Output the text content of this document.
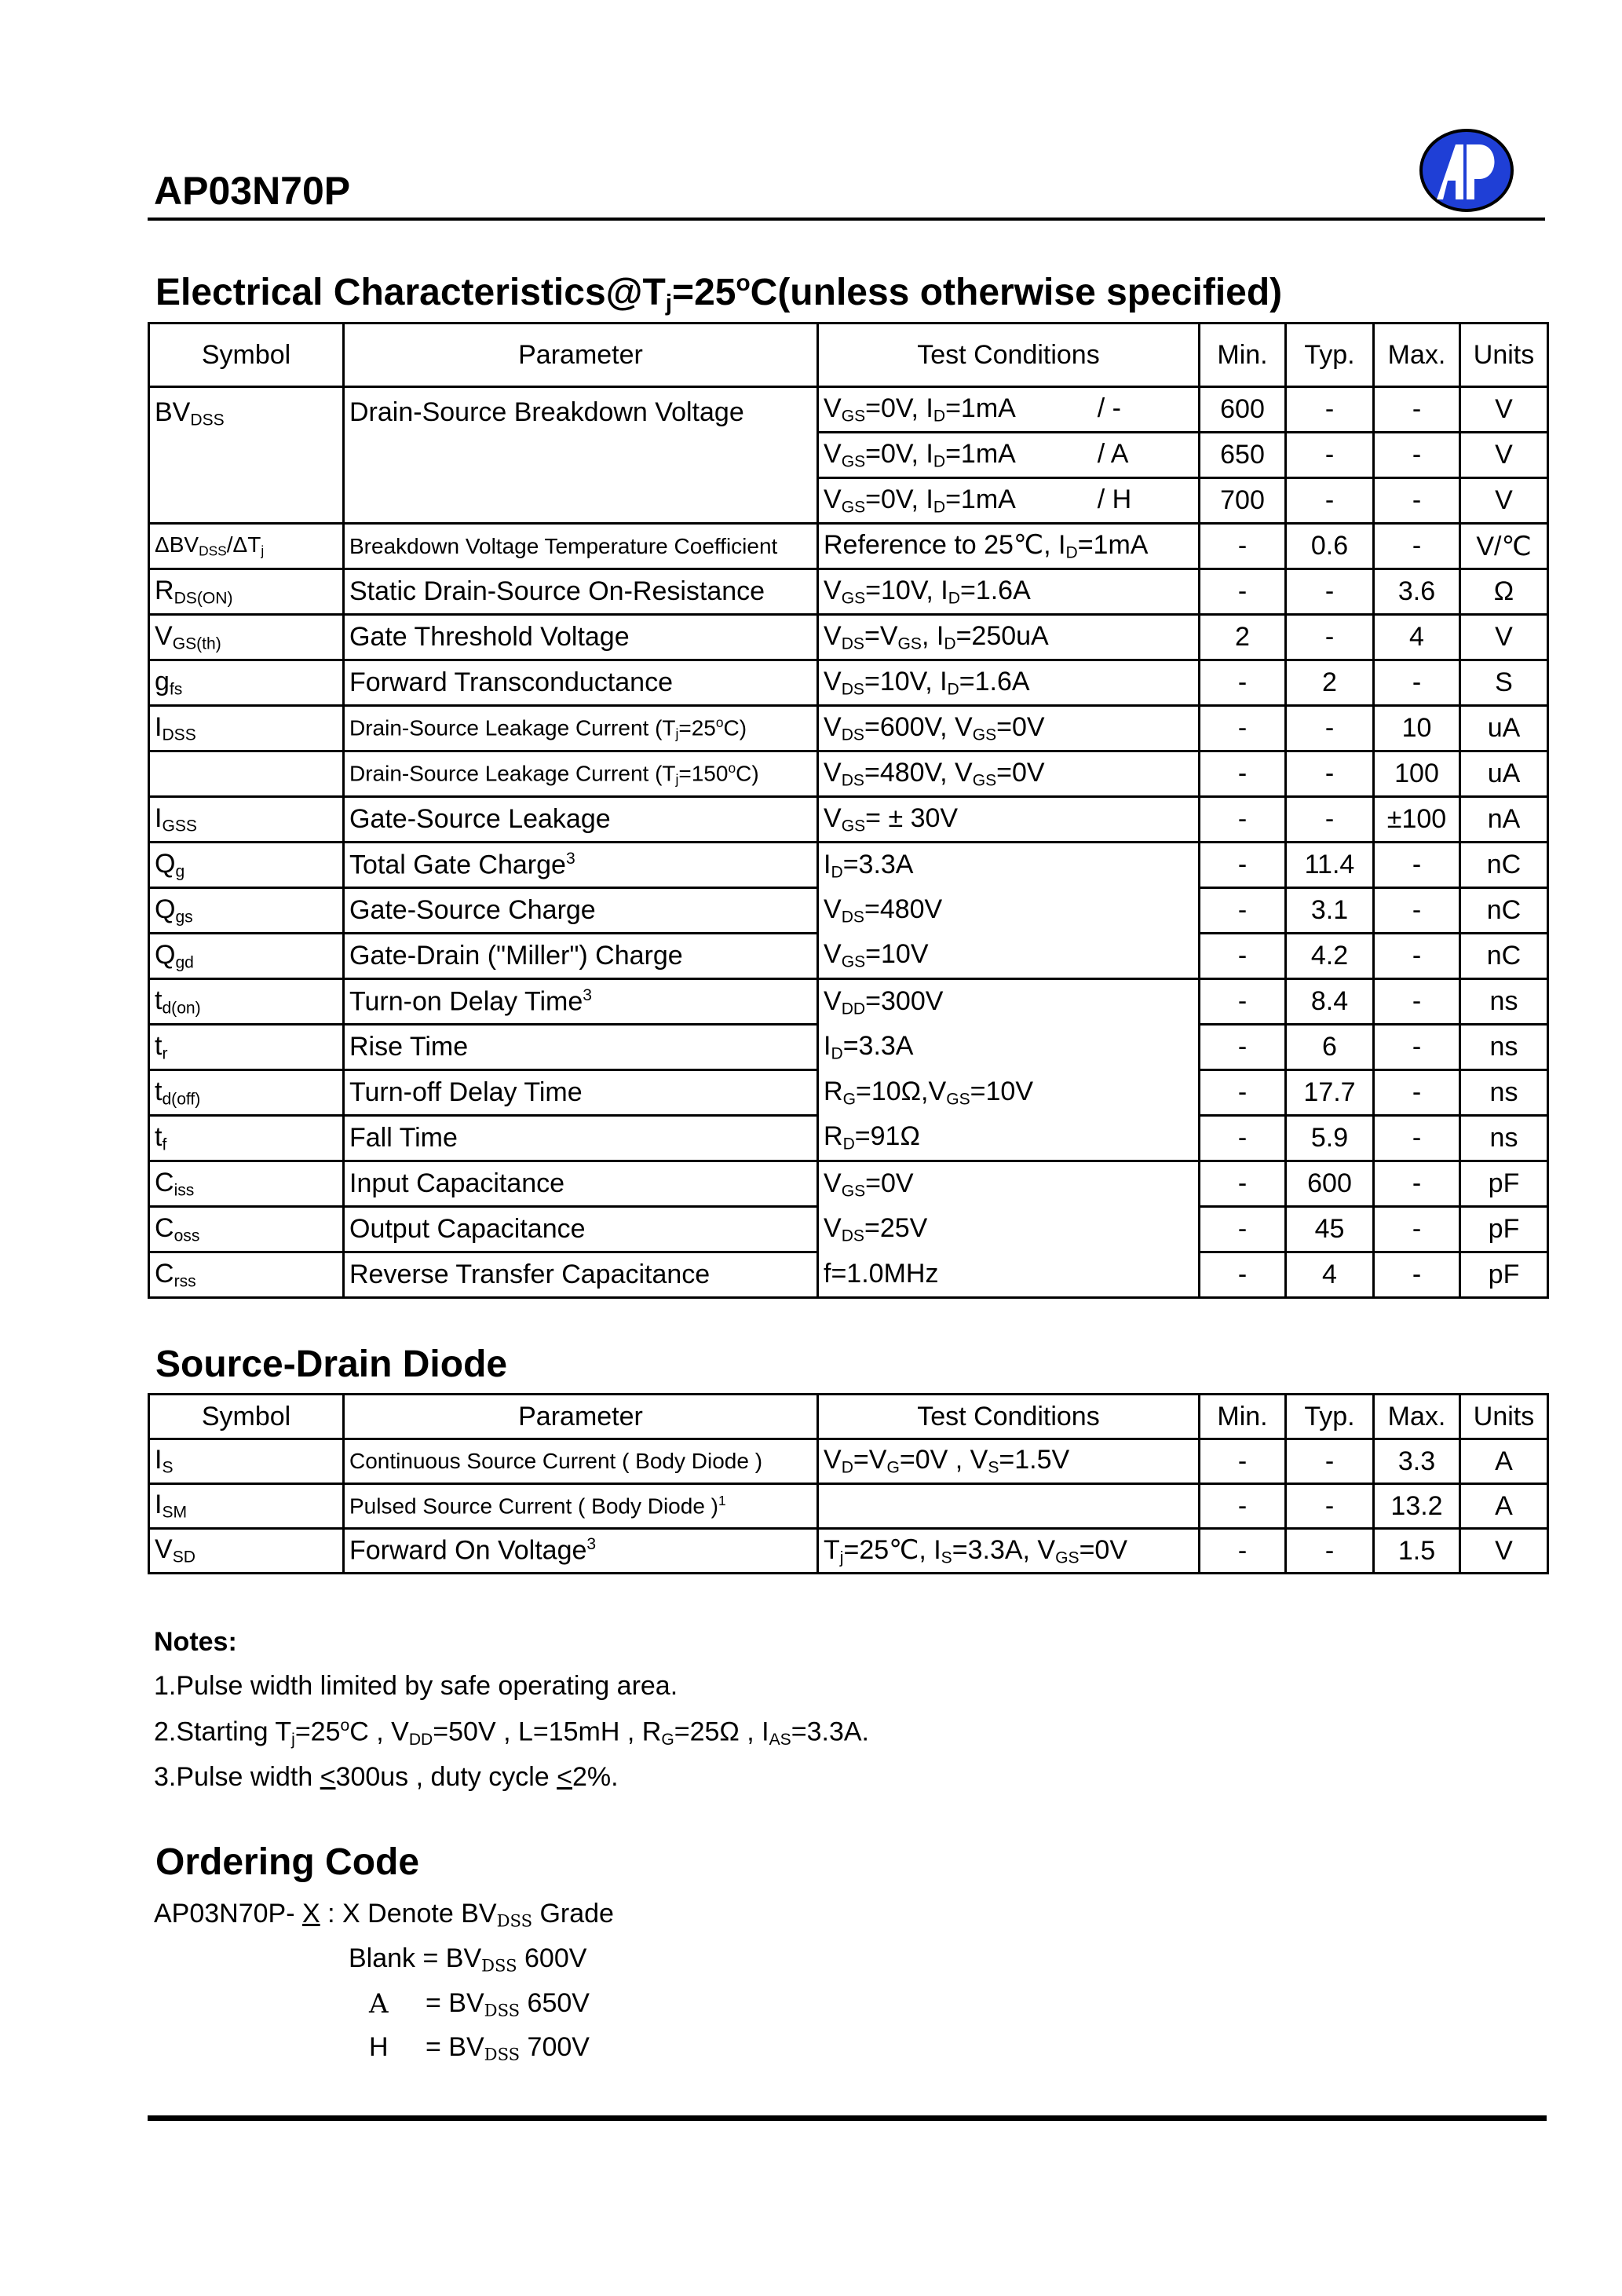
AP03N70P
Electrical $Characteristics@T_j=25^oC(unless$ otherwise specified)
Symbol	Parameter	Test Conditions	Min.	Typ.	Max.	Units
$BV_{DSS}$	Drain-Source Breakdown Voltage	$V_{GS}=0V$, $I_D=1mA$           / -	600	-	-	V
		$V_{GS}=0V$, $I_D=1mA$           / A	650	-	-	V
		$V_{GS}=0V$, $I_D=1mA$           / H	700	-	-	V
$\Delta BV_{DSS}/\Delta T_j$	Breakdown Voltage Temperature Coefficient	Reference to 25℃, $I_D=1mA$	-	0.6	-	V/℃
$R_{DS(ON)}$	Static Drain-Source On-Resistance	$V_{GS}=10V$, $I_D=1.6A$	-	-	3.6	Ω
$V_{GS(th)}$	Gate Threshold Voltage	$V_{DS}=V_{GS}$, $I_D=250uA$	2	-	4	V
$g_{fs}$	Forward Transconductance	$V_{DS}=10V$, $I_D=1.6A$	-	2	-	S
$I_{DSS}$	Drain-Source Leakage Current $(T_j=25^oC)$	$V_{DS}=600V$, $V_{GS}=0V$	-	-	10	uA
	Drain-Source Leakage Current $(T_j=150^oC)$	$V_{DS}=480V$, $V_{GS}=0V$	-	-	100	uA
$I_{GSS}$	Gate-Source Leakage	$V_{GS}= \pm 30V$	-	-	±100	nA
$Q_g$	Total Gate Charge$^3$	$I_D=3.3A$	-	11.4	-	nC
$Q_{gs}$	Gate-Source Charge	$V_{DS}=480V$	-	3.1	-	nC
$Q_{gd}$	Gate-Drain ("Miller") Charge	$V_{GS}=10V$	-	4.2	-	nC
$t_{d(on)}$	Turn-on Delay Time$^3$	$V_{DD}=300V$	-	8.4	-	ns
$t_r$	Rise Time	$I_D=3.3A$	-	6	-	ns
$t_{d(off)}$	Turn-off Delay Time	$R_G=10\Omega,V_{GS}=10V$	-	17.7	-	ns
$t_f$	Fall Time	$R_D=91\Omega$	-	5.9	-	ns
$C_{iss}$	Input Capacitance	$V_{GS}=0V$	-	600	-	pF
$C_{oss}$	Output Capacitance	$V_{DS}=25V$	-	45	-	pF
$C_{rss}$	Reverse Transfer Capacitance	f=1.0MHz	-	4	-	pF
Source-Drain Diode
Symbol	Parameter	Test Conditions	Min.	Typ.	Max.	Units
$I_S$	Continuous Source Current ( Body Diode )	$V_D=V_G=0V$ , $V_S=1.5V$	-	-	3.3	A
$I_{SM}$	Pulsed Source Current ( Body Diode )$^1$		-	-	13.2	A
$V_{SD}$	Forward On Voltage$^3$	$T_j=25℃$, $I_S=3.3A$, $V_{GS}=0V$	-	-	1.5	V
Notes:
1.Pulse width limited by safe operating area.
2.Starting $T_j=25^oC$ , $V_{DD}=50V$ , L=15mH , $R_G=25\Omega$ , $I_{AS}=3.3A$.
3.Pulse width <300us , duty cycle <2%.
Ordering Code
AP03N70P- X : X Denote BVDSS Grade
Blank = BVDSS 600V
A = BVDSS 650V
H = BVDSS 700V
